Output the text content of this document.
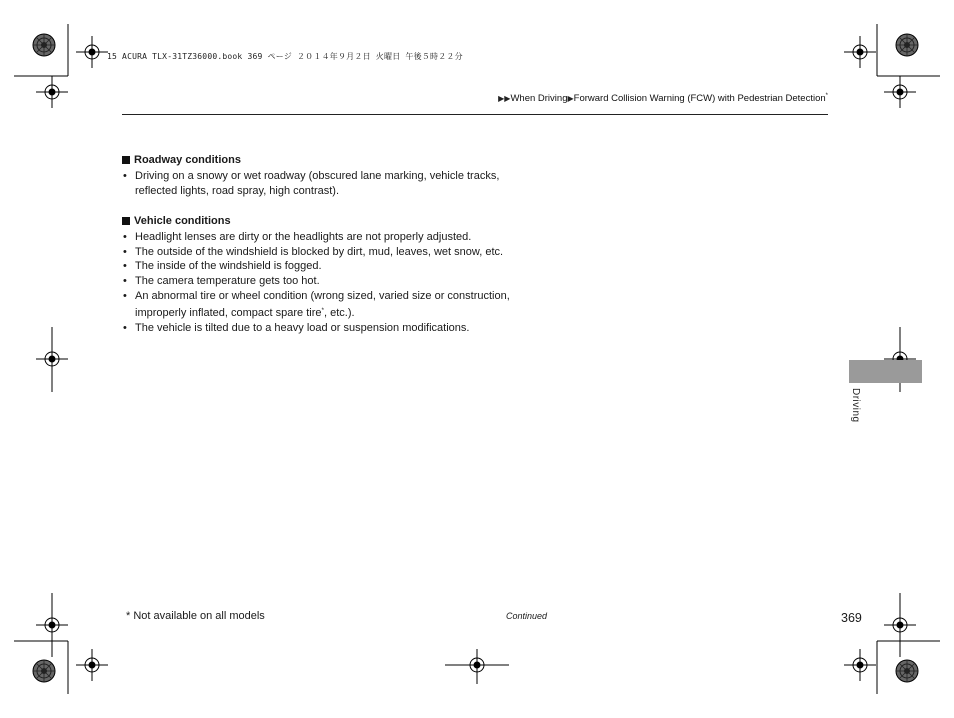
15 ACURA TLX-31TZ36000.book 369 ページ ２０１４年９月２日 火曜日 午後５時２２分
▶▶When Driving▶Forward Collision Warning (FCW) with Pedestrian Detection*
Roadway conditions
• Driving on a snowy or wet roadway (obscured lane marking, vehicle tracks, reflected lights, road spray, high contrast).
Vehicle conditions
• Headlight lenses are dirty or the headlights are not properly adjusted.
• The outside of the windshield is blocked by dirt, mud, leaves, wet snow, etc.
• The inside of the windshield is fogged.
• The camera temperature gets too hot.
• An abnormal tire or wheel condition (wrong sized, varied size or construction,
improperly inflated, compact spare tire*, etc.).
• The vehicle is tilted due to a heavy load or suspension modifications.
Driving
* Not available on all models	Continued	369
